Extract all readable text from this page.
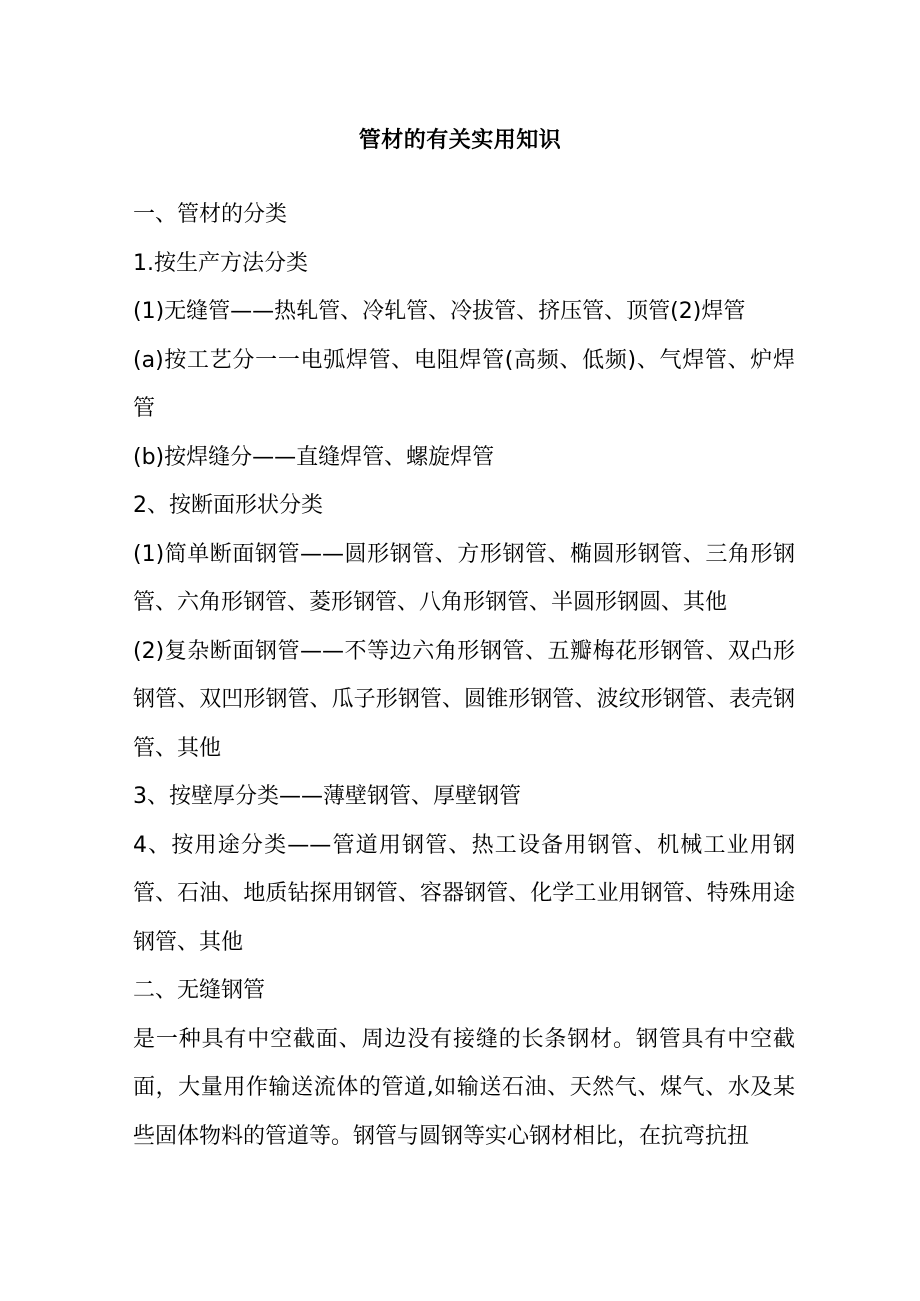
管材的有关实用知识

一、管材的分类

1.按生产方法分类

(1)无缝管——热轧管、冷轧管、冷拔管、挤压管、顶管(2)焊管

(a)按工艺分一一电弧焊管、电阻焊管(高频、低频)、气焊管、炉焊管

(b)按焊缝分——直缝焊管、螺旋焊管

2、按断面形状分类

(1)简单断面钢管——圆形钢管、方形钢管、椭圆形钢管、三角形钢管、六角形钢管、菱形钢管、八角形钢管、半圆形钢圆、其他

(2)复杂断面钢管——不等边六角形钢管、五瓣梅花形钢管、双凸形钢管、双凹形钢管、瓜子形钢管、圆锥形钢管、波纹形钢管、表壳钢管、其他

3、按壁厚分类——薄壁钢管、厚壁钢管

4、按用途分类——管道用钢管、热工设备用钢管、机械工业用钢管、石油、地质钻探用钢管、容器钢管、化学工业用钢管、特殊用途钢管、其他

二、无缝钢管

是一种具有中空截面、周边没有接缝的长条钢材。钢管具有中空截面，大量用作输送流体的管道,如输送石油、天然气、煤气、水及某些固体物料的管道等。钢管与圆钢等实心钢材相比，在抗弯抗扭
